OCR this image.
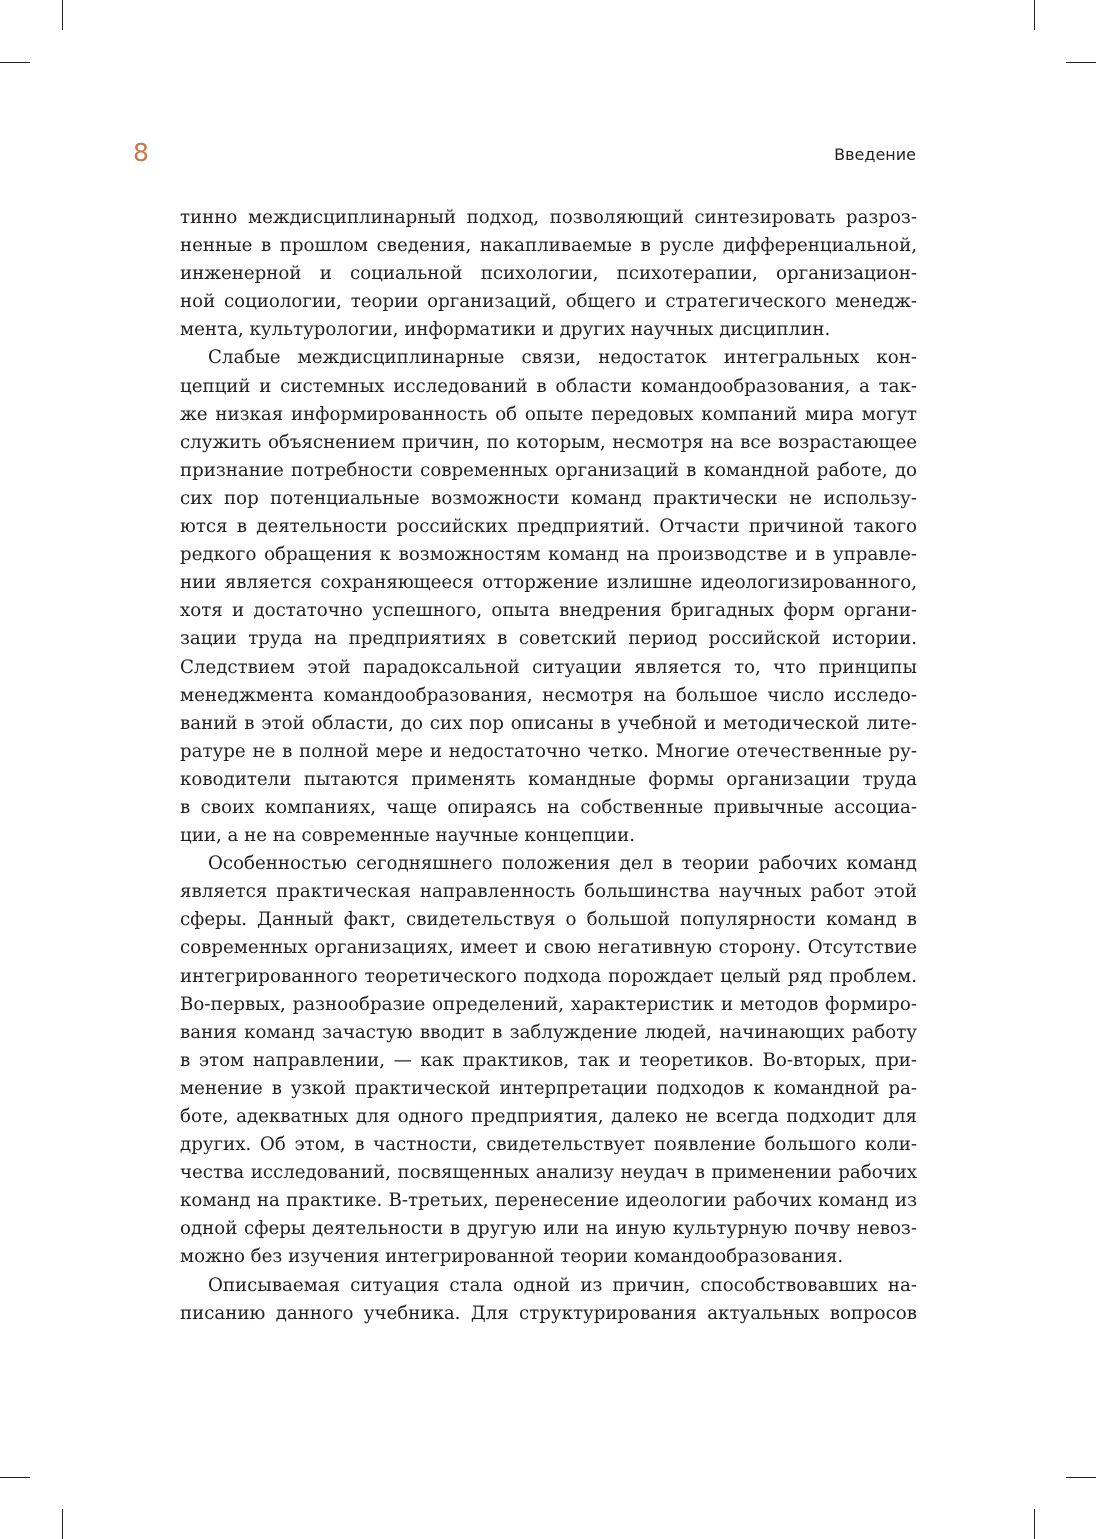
8	Введение
тинно междисциплинарный подход, позволяющий синтезировать разроз-
ненные в прошлом сведения, накапливаемые в русле дифференциальной,
инженерной и социальной психологии, психотерапии, организацион-
ной социологии, теории организаций, общего и стратегического менедж-
мента, культурологии, информатики и других научных дисциплин.
Слабые междисциплинарные связи, недостаток интегральных кон-
цепций и системных исследований в области командообразования, а так-
же низкая информированность об опыте передовых компаний мира могут
служить объяснением причин, по которым, несмотря на все возрастающее
признание потребности современных организаций в командной работе, до
сих пор потенциальные возможности команд практически не использу-
ются в деятельности российских предприятий. Отчасти причиной такого
редкого обращения к возможностям команд на производстве и в управле-
нии является сохраняющееся отторжение излишне идеологизированного,
хотя и достаточно успешного, опыта внедрения бригадных форм органи-
зации труда на предприятиях в советский период российской истории.
Следствием этой парадоксальной ситуации является то, что принципы
менеджмента командообразования, несмотря на большое число исследо-
ваний в этой области, до сих пор описаны в учебной и методической лите-
ратуре не в полной мере и недостаточно четко. Многие отечественные ру-
ководители пытаются применять командные формы организации труда
в своих компаниях, чаще опираясь на собственные привычные ассоциа-
ции, а не на современные научные концепции.
Особенностью сегодняшнего положения дел в теории рабочих команд
является практическая направленность большинства научных работ этой
сферы. Данный факт, свидетельствуя о большой популярности команд в
современных организациях, имеет и свою негативную сторону. Отсутствие
интегрированного теоретического подхода порождает целый ряд проблем.
Во-первых, разнообразие определений, характеристик и методов формиро-
вания команд зачастую вводит в заблуждение людей, начинающих работу
в этом направлении, — как практиков, так и теоретиков. Во-вторых, при-
менение в узкой практической интерпретации подходов к командной ра-
боте, адекватных для одного предприятия, далеко не всегда подходит для
других. Об этом, в частности, свидетельствует появление большого коли-
чества исследований, посвященных анализу неудач в применении рабочих
команд на практике. В-третьих, перенесение идеологии рабочих команд из
одной сферы деятельности в другую или на иную культурную почву невоз-
можно без изучения интегрированной теории командообразования.
Описываемая ситуация стала одной из причин, способствовавших на-
писанию данного учебника. Для структурирования актуальных вопросов
